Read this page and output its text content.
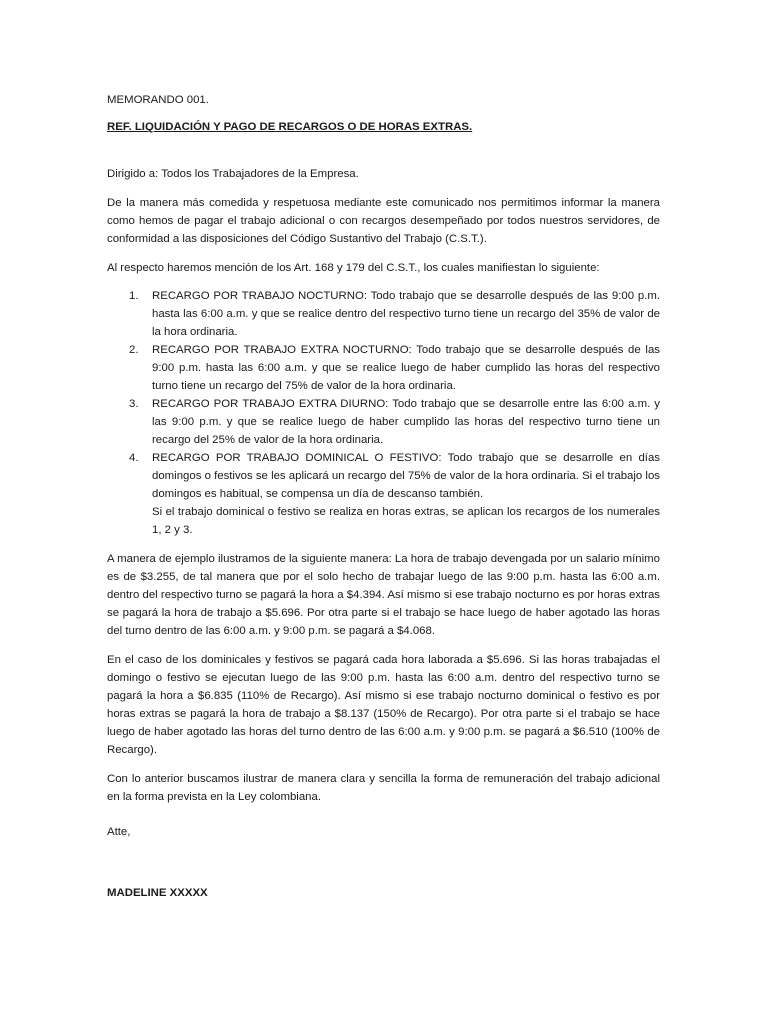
MEMORANDO 001.

REF. LIQUIDACIÓN Y PAGO DE RECARGOS O DE HORAS EXTRAS.

Dirigido a: Todos los Trabajadores de la Empresa.

De la manera más comedida y respetuosa mediante este comunicado nos permitimos informar la manera como hemos de pagar el trabajo adicional o con recargos desempeñado por todos nuestros servidores, de conformidad a las disposiciones del Código Sustantivo del Trabajo (C.S.T.).

Al respecto haremos mención de los Art. 168 y 179 del C.S.T., los cuales manifiestan lo siguiente:

1. RECARGO POR TRABAJO NOCTURNO: Todo trabajo que se desarrolle después de las 9:00 p.m. hasta las 6:00 a.m. y que se realice dentro del respectivo turno tiene un recargo del 35% de valor de la hora ordinaria.
2. RECARGO POR TRABAJO EXTRA NOCTURNO: Todo trabajo que se desarrolle después de las 9:00 p.m. hasta las 6:00 a.m. y que se realice luego de haber cumplido las horas del respectivo turno tiene un recargo del 75% de valor de la hora ordinaria.
3. RECARGO POR TRABAJO EXTRA DIURNO: Todo trabajo que se desarrolle entre las 6:00 a.m. y las 9:00 p.m. y que se realice luego de haber cumplido las horas del respectivo turno tiene un recargo del 25% de valor de la hora ordinaria.
4. RECARGO POR TRABAJO DOMINICAL O FESTIVO: Todo trabajo que se desarrolle en días domingos o festivos se les aplicará un recargo del 75% de valor de la hora ordinaria. Si el trabajo los domingos es habitual, se compensa un día de descanso también.

Si el trabajo dominical o festivo se realiza en horas extras, se aplican los recargos de los numerales 1, 2 y 3.

A manera de ejemplo ilustramos de la siguiente manera: La hora de trabajo devengada por un salario mínimo es de $3.255, de tal manera que por el solo hecho de trabajar luego de las 9:00 p.m. hasta las 6:00 a.m. dentro del respectivo turno se pagará la hora a $4.394. Así mismo si ese trabajo nocturno es por horas extras se pagará la hora de trabajo a $5.696. Por otra parte si el trabajo se hace luego de haber agotado las horas del turno dentro de las 6:00 a.m. y 9:00 p.m. se pagará a $4.068.

En el caso de los dominicales y festivos se pagará cada hora laborada a $5.696. Si las horas trabajadas el domingo o festivo se ejecutan luego de las 9:00 p.m. hasta las 6:00 a.m. dentro del respectivo turno se pagará la hora a $6.835 (110% de Recargo). Así mismo si ese trabajo nocturno dominical o festivo es por horas extras se pagará la hora de trabajo a $8.137 (150% de Recargo). Por otra parte si el trabajo se hace luego de haber agotado las horas del turno dentro de las 6:00 a.m. y 9:00 p.m. se pagará a $6.510 (100% de Recargo).

Con lo anterior buscamos ilustrar de manera clara y sencilla la forma de remuneración del trabajo adicional en la forma prevista en la Ley colombiana.

Atte,

MADELINE XXXXX
